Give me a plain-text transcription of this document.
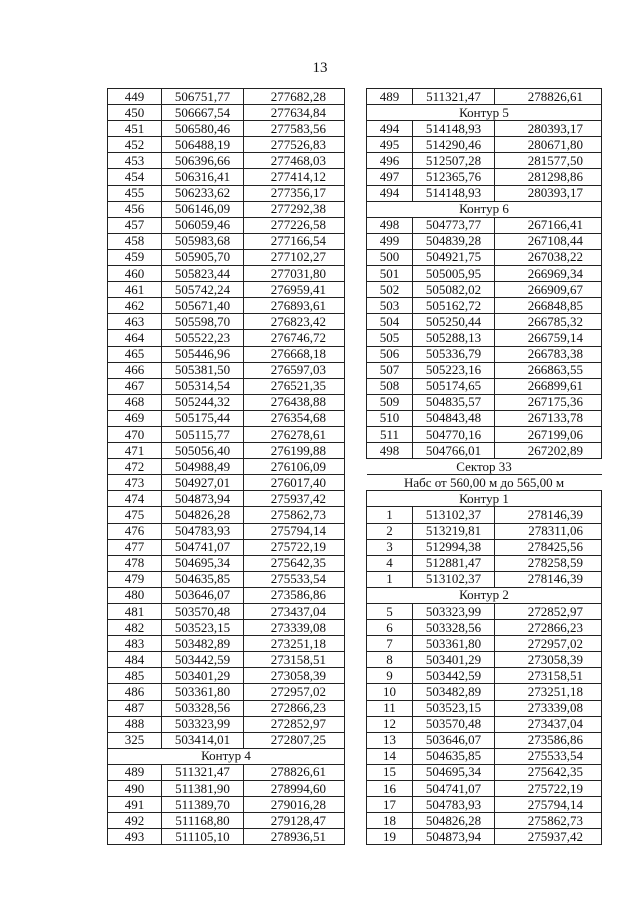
13
449	506751,77	277682,28
450	506667,54	277634,84
451	506580,46	277583,56
452	506488,19	277526,83
453	506396,66	277468,03
454	506316,41	277414,12
455	506233,62	277356,17
456	506146,09	277292,38
457	506059,46	277226,58
458	505983,68	277166,54
459	505905,70	277102,27
460	505823,44	277031,80
461	505742,24	276959,41
462	505671,40	276893,61
463	505598,70	276823,42
464	505522,23	276746,72
465	505446,96	276668,18
466	505381,50	276597,03
467	505314,54	276521,35
468	505244,32	276438,88
469	505175,44	276354,68
470	505115,77	276278,61
471	505056,40	276199,88
472	504988,49	276106,09
473	504927,01	276017,40
474	504873,94	275937,42
475	504826,28	275862,73
476	504783,93	275794,14
477	504741,07	275722,19
478	504695,34	275642,35
479	504635,85	275533,54
480	503646,07	273586,86
481	503570,48	273437,04
482	503523,15	273339,08
483	503482,89	273251,18
484	503442,59	273158,51
485	503401,29	273058,39
486	503361,80	272957,02
487	503328,56	272866,23
488	503323,99	272852,97
325	503414,01	272807,25
Контур 4		
489	511321,47	278826,61
490	511381,90	278994,60
491	511389,70	279016,28
492	511168,80	279128,47
493	511105,10	278936,51
489	511321,47	278826,61
Контур 5		
494	514148,93	280393,17
495	514290,46	280671,80
496	512507,28	281577,50
497	512365,76	281298,86
494	514148,93	280393,17
Контур 6		
498	504773,77	267166,41
499	504839,28	267108,44
500	504921,75	267038,22
501	505005,95	266969,34
502	505082,02	266909,67
503	505162,72	266848,85
504	505250,44	266785,32
505	505288,13	266759,14
506	505336,79	266783,38
507	505223,16	266863,55
508	505174,65	266899,61
509	504835,57	267175,36
510	504843,48	267133,78
511	504770,16	267199,06
498	504766,01	267202,89
Сектор 33		
Набс от 560,00 м до 565,00 м		
Контур 1		
1	513102,37	278146,39
2	513219,81	278311,06
3	512994,38	278425,56
4	512881,47	278258,59
1	513102,37	278146,39
Контур 2		
5	503323,99	272852,97
6	503328,56	272866,23
7	503361,80	272957,02
8	503401,29	273058,39
9	503442,59	273158,51
10	503482,89	273251,18
11	503523,15	273339,08
12	503570,48	273437,04
13	503646,07	273586,86
14	504635,85	275533,54
15	504695,34	275642,35
16	504741,07	275722,19
17	504783,93	275794,14
18	504826,28	275862,73
19	504873,94	275937,42
